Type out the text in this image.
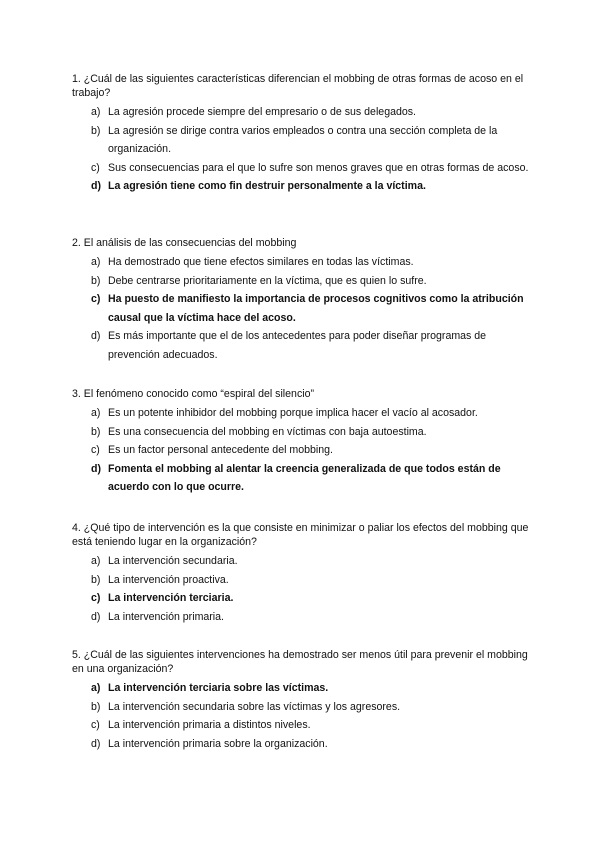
1. ¿Cuál de las siguientes características diferencian el mobbing de otras formas de acoso en el trabajo?

a) La agresión procede siempre del empresario o de sus delegados.
b) La agresión se dirige contra varios empleados o contra una sección completa de la organización.
c) Sus consecuencias para el que lo sufre son menos graves que en otras formas de acoso.
d) La agresión tiene como fin destruir personalmente a la víctima.

2. El análisis de las consecuencias del mobbing

a) Ha demostrado que tiene efectos similares en todas las víctimas.
b) Debe centrarse prioritariamente en la víctima, que es quien lo sufre.
c) Ha puesto de manifiesto la importancia de procesos cognitivos como la atribución causal que la víctima hace del acoso.
d) Es más importante que el de los antecedentes para poder diseñar programas de prevención adecuados.

3. El fenómeno conocido como “espiral del silencio”

a) Es un potente inhibidor del mobbing porque implica hacer el vacío al acosador.
b) Es una consecuencia del mobbing en víctimas con baja autoestima.
c) Es un factor personal antecedente del mobbing.
d) Fomenta el mobbing al alentar la creencia generalizada de que todos están de acuerdo con lo que ocurre.

4. ¿Qué tipo de intervención es la que consiste en minimizar o paliar los efectos del mobbing que está teniendo lugar en la organización?

a) La intervención secundaria.
b) La intervención proactiva.
c) La intervención terciaria.
d) La intervención primaria.

5. ¿Cuál de las siguientes intervenciones ha demostrado ser menos útil para prevenir el mobbing en una organización?

a) La intervención terciaria sobre las víctimas.
b) La intervención secundaria sobre las víctimas y los agresores.
c) La intervención primaria a distintos niveles.
d) La intervención primaria sobre la organización.
